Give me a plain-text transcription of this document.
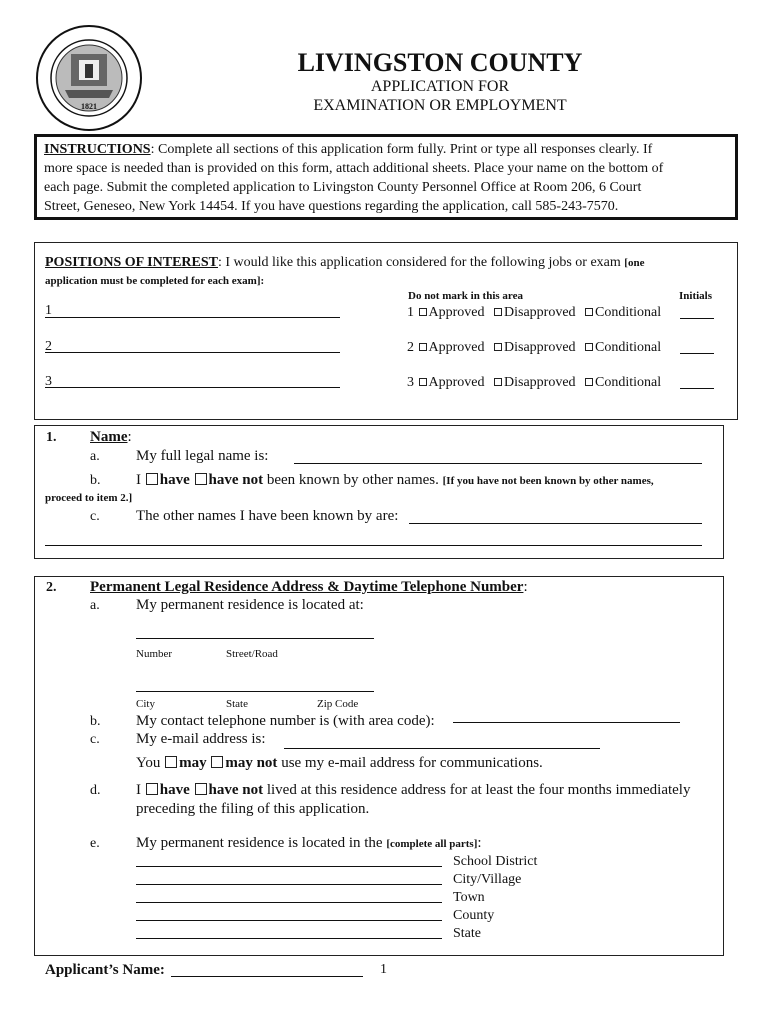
1821
LIVINGSTON COUNTY
APPLICATION FOR
EXAMINATION OR EMPLOYMENT
INSTRUCTIONS: Complete all sections of this application form fully. Print or type all responses clearly. If
more space is needed than is provided on this form, attach additional sheets. Place your name on the bottom of
each page. Submit the completed application to Livingston County Personnel Office at Room 206, 6 Court
Street, Geneseo, New York 14454. If you have questions regarding the application, call 585-243-7570.
POSITIONS OF INTEREST: I would like this application considered for the following jobs or exam [one
application must be completed for each exam]:
Do not mark in this area	Initials
1
2
3
1 Approved Disapproved Conditional
2 Approved Disapproved Conditional
3 Approved Disapproved Conditional
1. Name:
a. My full legal name is:
b. I have have not been known by other names. [If you have not been known by other names,
proceed to item 2.]
c. The other names I have been known by are:
2. Permanent Legal Residence Address & Daytime Telephone Number:
a. My permanent residence is located at:
Number	Street/Road
City	State	Zip Code
b. My contact telephone number is (with area code):
c. My e-mail address is:
You may may not use my e-mail address for communications.
d. I have have not lived at this residence address for at least the four months immediately
preceding the filing of this application.
e. My permanent residence is located in the [complete all parts]:
School District
City/Village
Town
County
State
Applicant’s Name:	1
